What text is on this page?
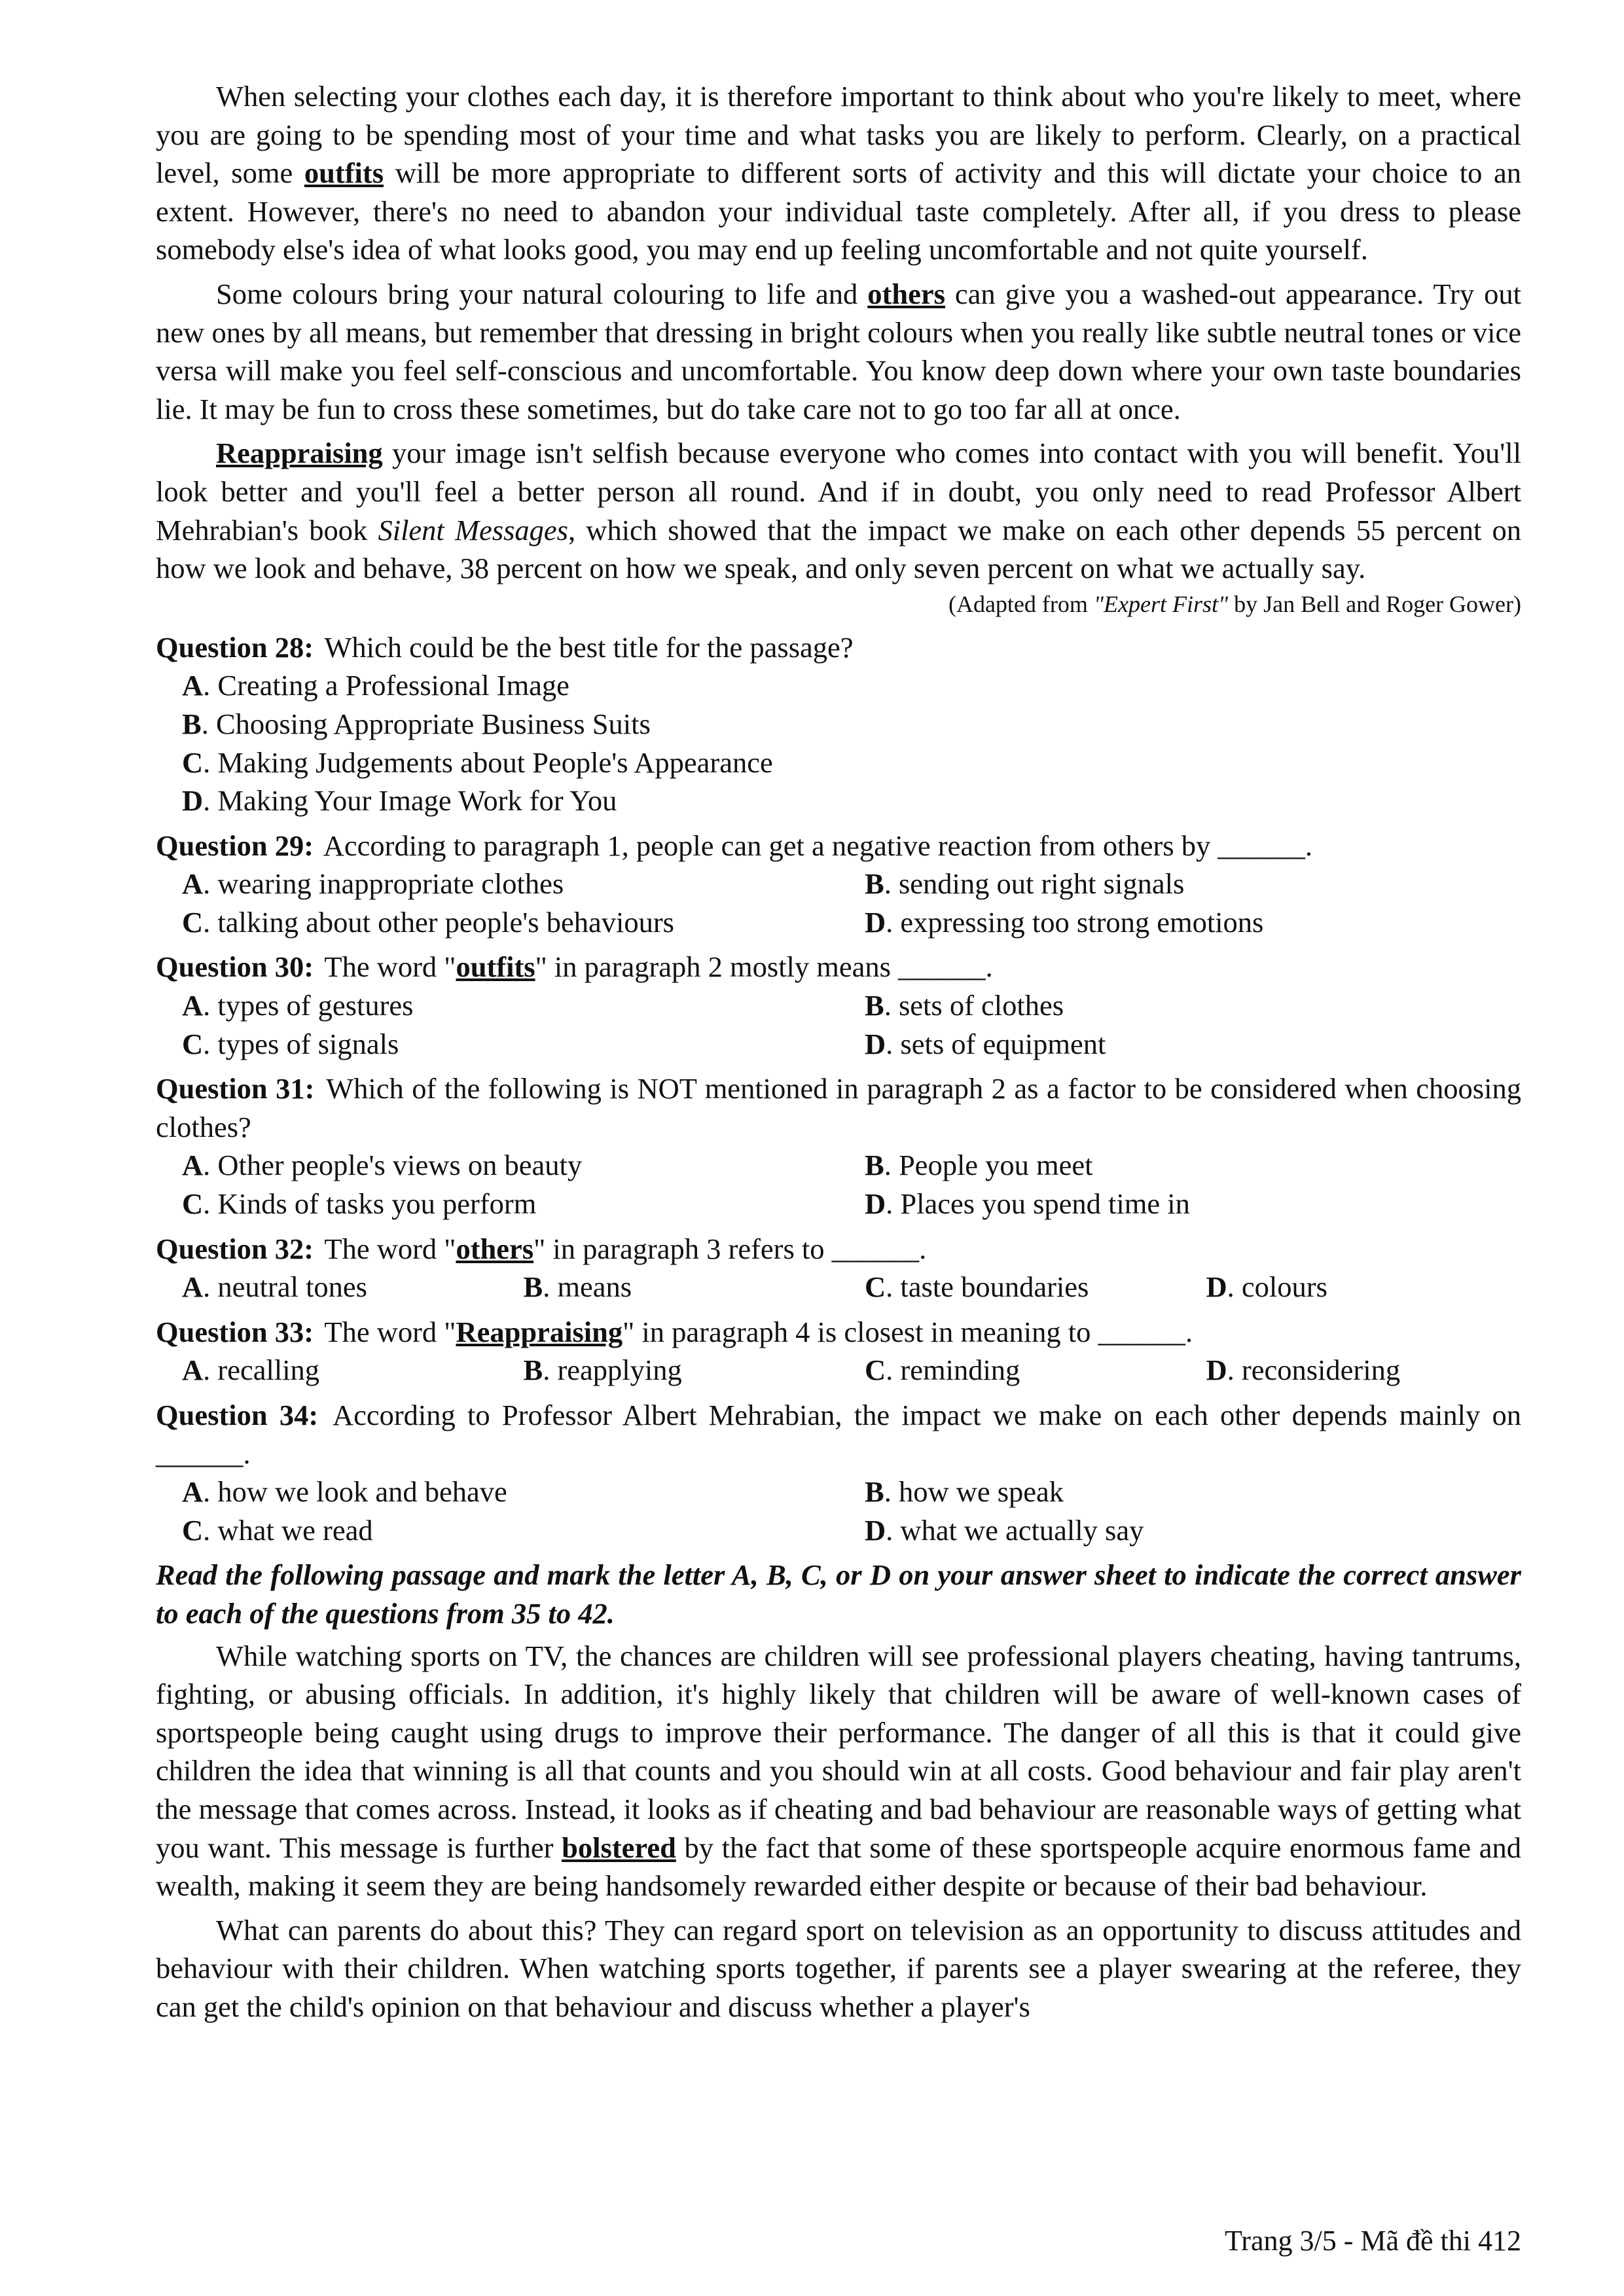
When selecting your clothes each day, it is therefore important to think about who you're likely to meet, where you are going to be spending most of your time and what tasks you are likely to perform. Clearly, on a practical level, some outfits will be more appropriate to different sorts of activity and this will dictate your choice to an extent. However, there's no need to abandon your individual taste completely. After all, if you dress to please somebody else's idea of what looks good, you may end up feeling uncomfortable and not quite yourself.

Some colours bring your natural colouring to life and others can give you a washed-out appearance. Try out new ones by all means, but remember that dressing in bright colours when you really like subtle neutral tones or vice versa will make you feel self-conscious and uncomfortable. You know deep down where your own taste boundaries lie. It may be fun to cross these sometimes, but do take care not to go too far all at once.

Reappraising your image isn't selfish because everyone who comes into contact with you will benefit. You'll look better and you'll feel a better person all round. And if in doubt, you only need to read Professor Albert Mehrabian's book Silent Messages, which showed that the impact we make on each other depends 55 percent on how we look and behave, 38 percent on how we speak, and only seven percent on what we actually say.

(Adapted from "Expert First" by Jan Bell and Roger Gower)

Question 28: Which could be the best title for the passage?

A. Creating a Professional Image
B. Choosing Appropriate Business Suits
C. Making Judgements about People's Appearance
D. Making Your Image Work for You

Question 29: According to paragraph 1, people can get a negative reaction from others by ______.

A. wearing inappropriate clothes	B. sending out right signals
C. talking about other people's behaviours	D. expressing too strong emotions

Question 30: The word "outfits" in paragraph 2 mostly means ______.

A. types of gestures	B. sets of clothes
C. types of signals	D. sets of equipment

Question 31: Which of the following is NOT mentioned in paragraph 2 as a factor to be considered when choosing clothes?

A. Other people's views on beauty	B. People you meet
C. Kinds of tasks you perform	D. Places you spend time in

Question 32: The word "others" in paragraph 3 refers to ______.

A. neutral tones	B. means	C. taste boundaries	D. colours

Question 33: The word "Reappraising" in paragraph 4 is closest in meaning to ______.

A. recalling	B. reapplying	C. reminding	D. reconsidering

Question 34: According to Professor Albert Mehrabian, the impact we make on each other depends mainly on ______.

A. how we look and behave	B. how we speak
C. what we read	D. what we actually say

Read the following passage and mark the letter A, B, C, or D on your answer sheet to indicate the correct answer to each of the questions from 35 to 42.

While watching sports on TV, the chances are children will see professional players cheating, having tantrums, fighting, or abusing officials. In addition, it's highly likely that children will be aware of well-known cases of sportspeople being caught using drugs to improve their performance. The danger of all this is that it could give children the idea that winning is all that counts and you should win at all costs. Good behaviour and fair play aren't the message that comes across. Instead, it looks as if cheating and bad behaviour are reasonable ways of getting what you want. This message is further bolstered by the fact that some of these sportspeople acquire enormous fame and wealth, making it seem they are being handsomely rewarded either despite or because of their bad behaviour.

What can parents do about this? They can regard sport on television as an opportunity to discuss attitudes and behaviour with their children. When watching sports together, if parents see a player swearing at the referee, they can get the child's opinion on that behaviour and discuss whether a player's

Trang 3/5 - Mã đề thi 412
